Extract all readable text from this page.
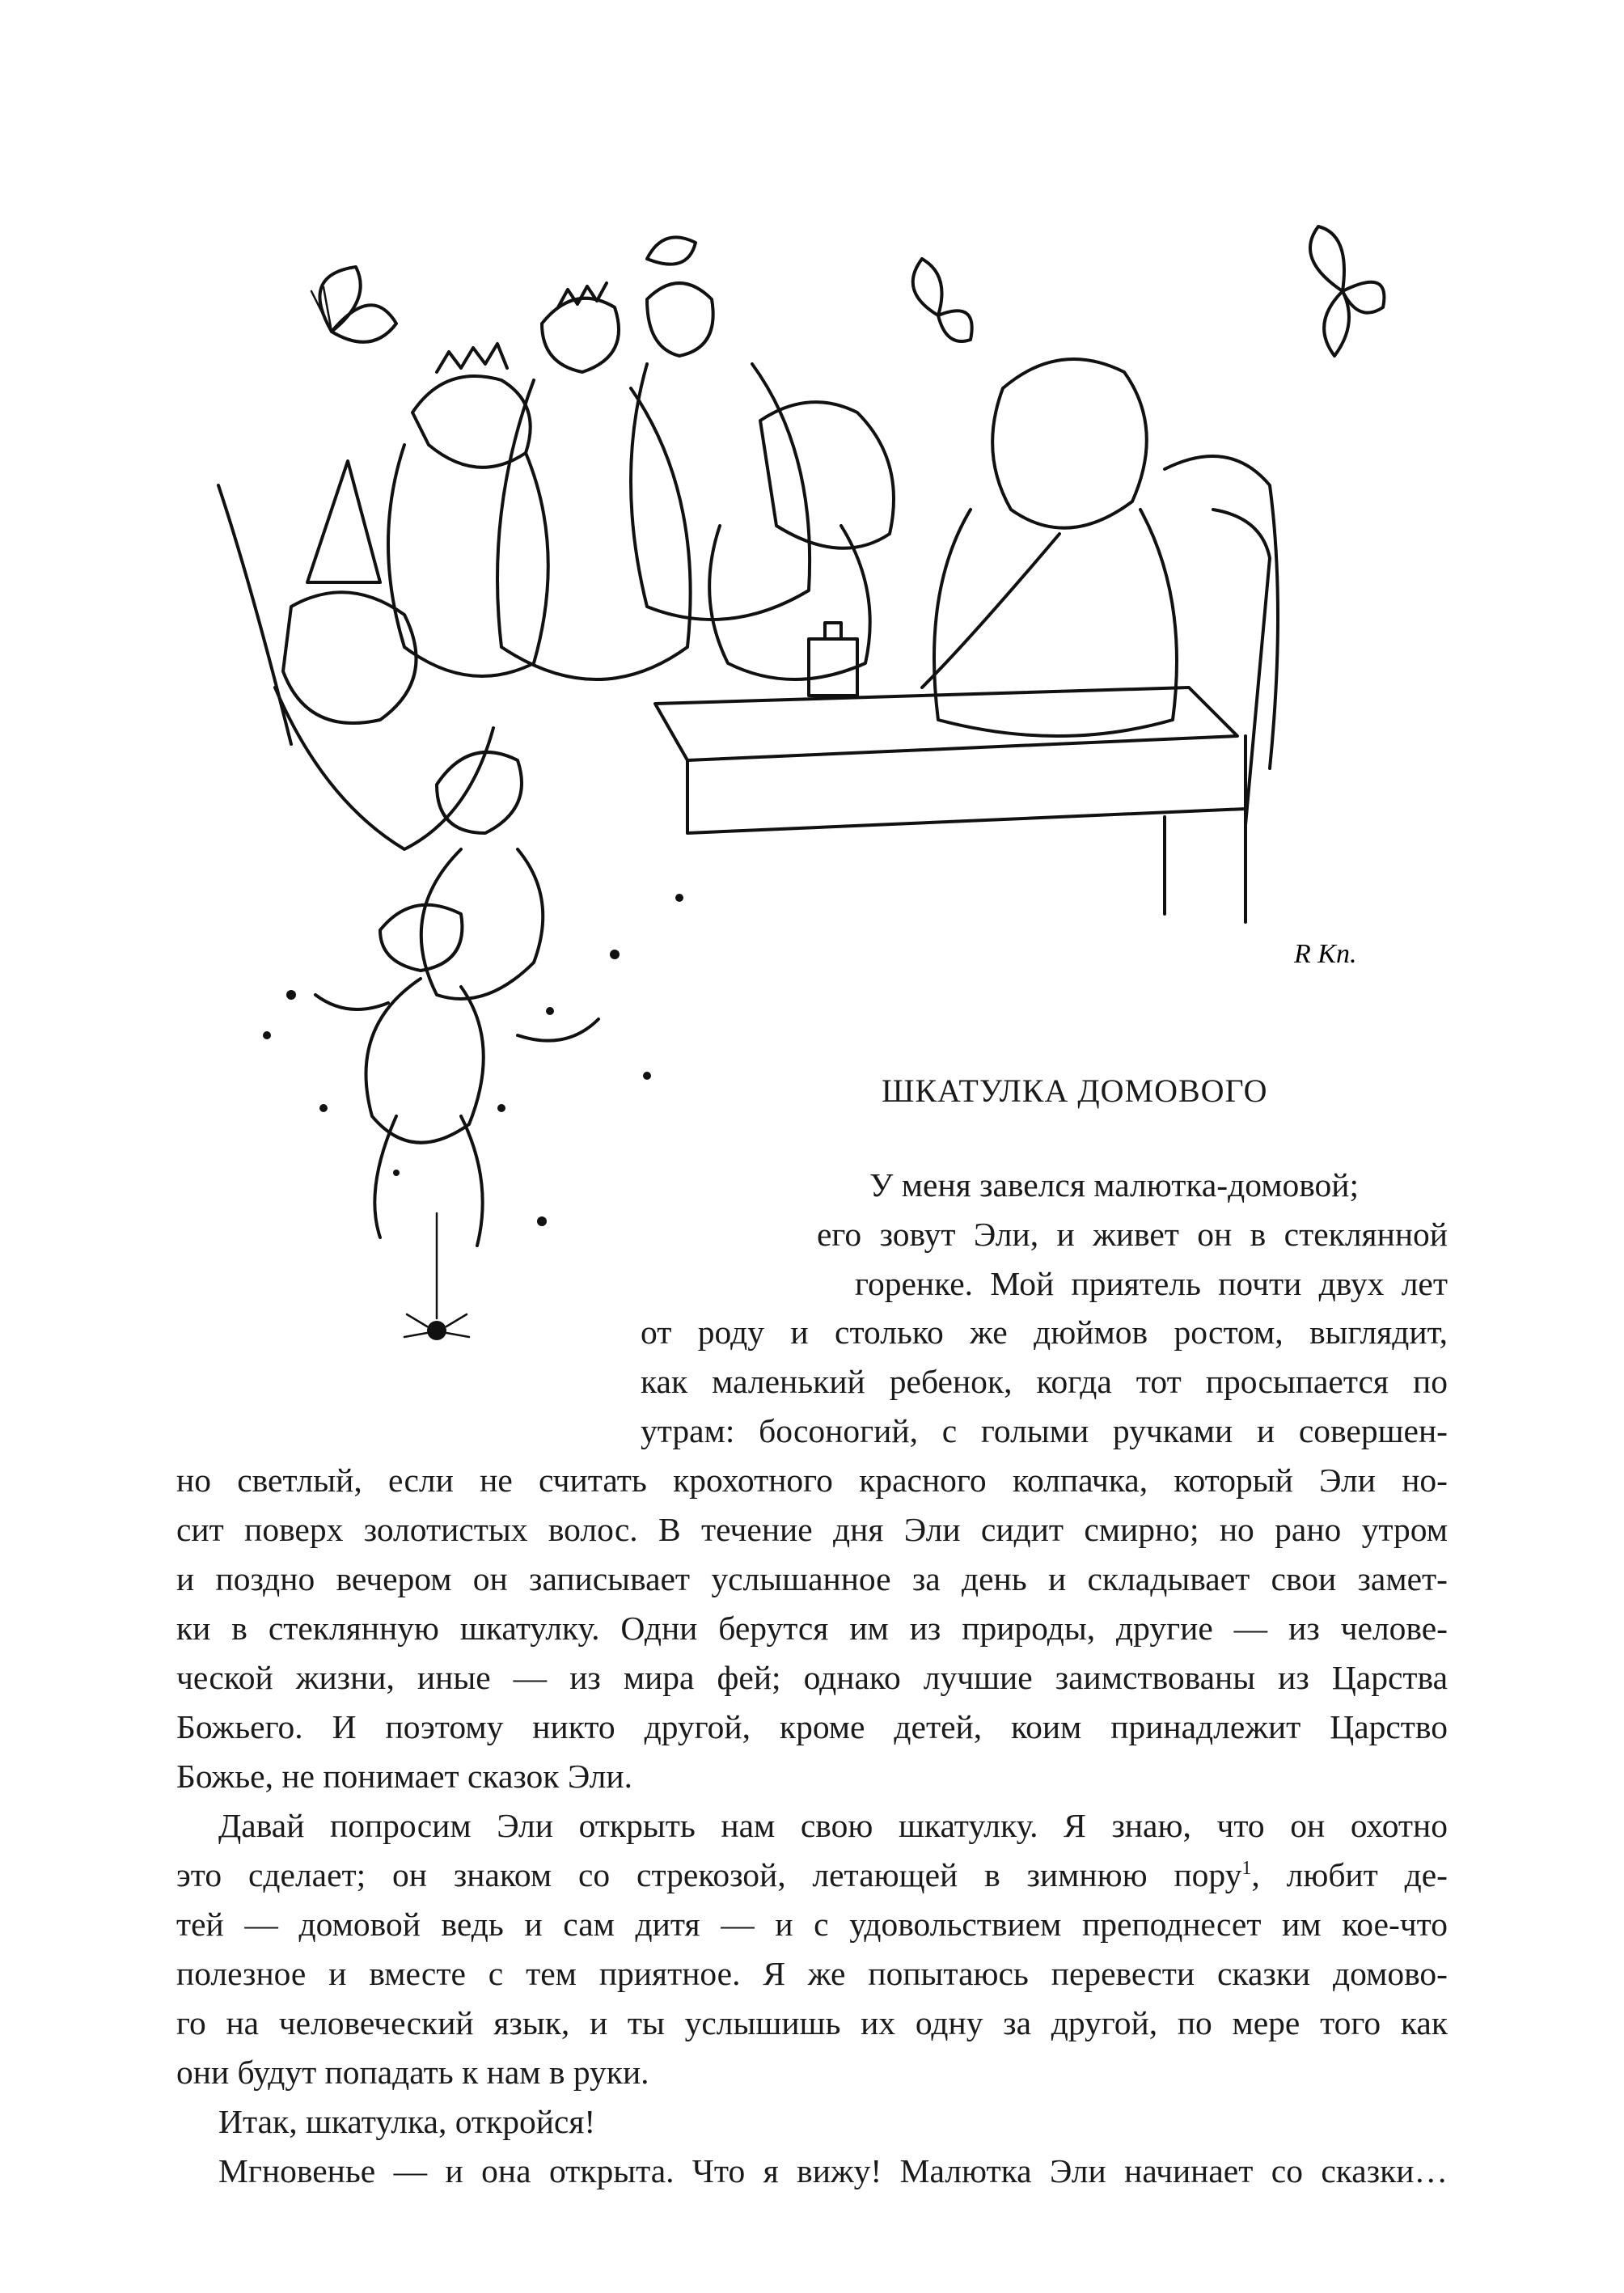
R Kn.
ШКАТУЛКА ДОМОВОГО
У меня завелся малютка-домовой;
его зовут Эли, и живет он в стеклянной
горенке. Мой приятель почти двух лет
от роду и столько же дюймов ростом, выглядит,
как маленький ребенок, когда тот просыпается по
утрам: босоногий, с голыми ручками и совершен-
но светлый, если не считать крохотного красного колпачка, который Эли но-
сит поверх золотистых волос. В течение дня Эли сидит смирно; но рано утром
и поздно вечером он записывает услышанное за день и складывает свои замет-
ки в стеклянную шкатулку. Одни берутся им из природы, другие — из челове-
ческой жизни, иные — из мира фей; однако лучшие заимствованы из Царства
Божьего. И поэтому никто другой, кроме детей, коим принадлежит Царство
Божье, не понимает сказок Эли.
Давай попросим Эли открыть нам свою шкатулку. Я знаю, что он охотно
это сделает; он знаком со стрекозой, летающей в зимнюю пору$^1$, любит де-
тей — домовой ведь и сам дитя — и с удовольствием преподнесет им кое-что
полезное и вместе с тем приятное. Я же попытаюсь перевести сказки домово-
го на человеческий язык, и ты услышишь их одну за другой, по мере того как
они будут попадать к нам в руки.
Итак, шкатулка, откройся!
Мгновенье — и она открыта. Что я вижу! Малютка Эли начинает со сказки…
